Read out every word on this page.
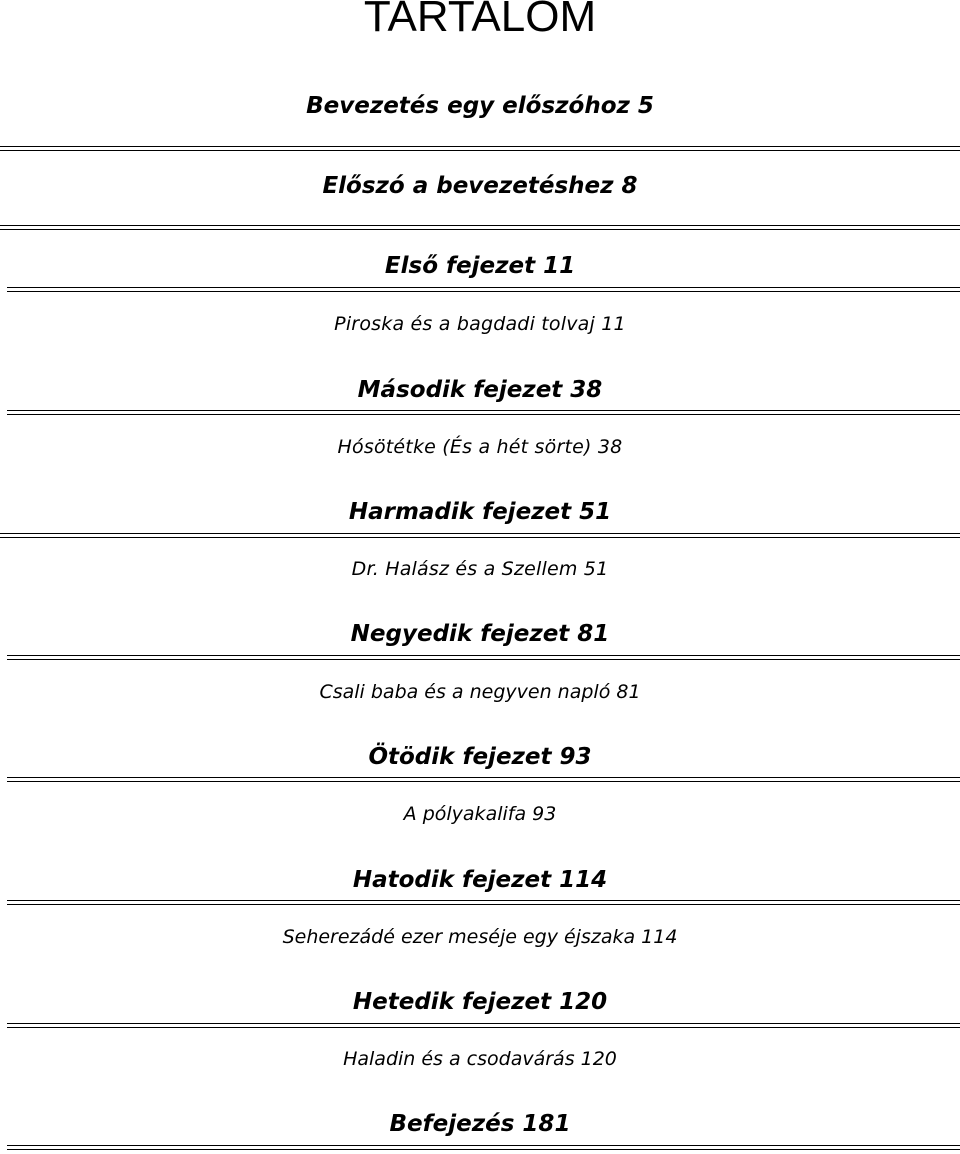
TARTALOM
Bevezetés egy előszóhoz 5
Előszó a bevezetéshez 8
Első fejezet 11
Piroska és a bagdadi tolvaj 11
Második fejezet 38
Hósötétke (És a hét sörte) 38
Harmadik fejezet 51
Dr. Halász és a Szellem 51
Negyedik fejezet 81
Csali baba és a negyven napló 81
Ötödik fejezet 93
A pólyakalifa 93
Hatodik fejezet 114
Seherezádé ezer meséje egy éjszaka 114
Hetedik fejezet 120
Haladin és a csodavárás 120
Befejezés 181
